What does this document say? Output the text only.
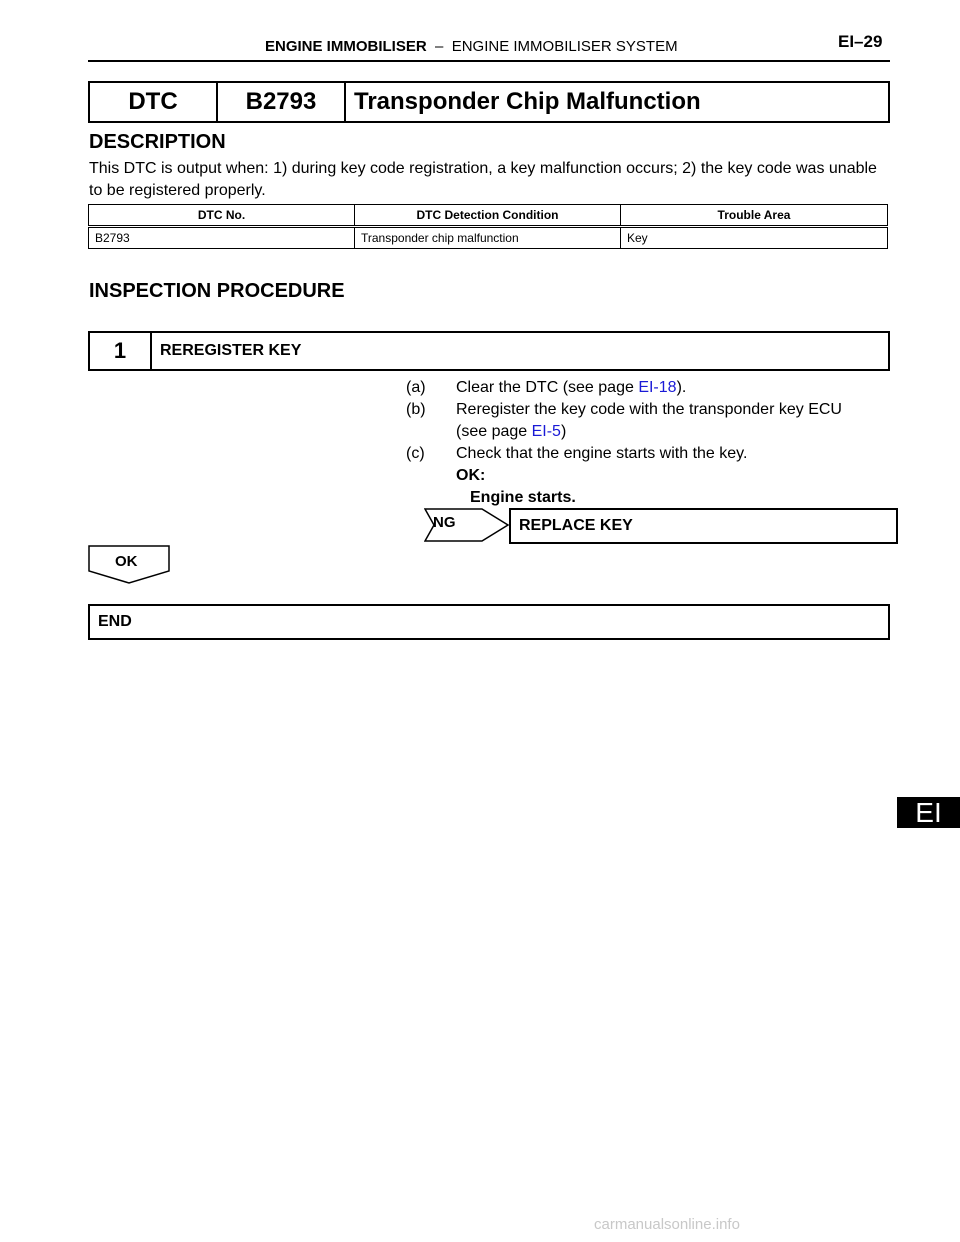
ENGINE IMMOBILISER  –  ENGINE IMMOBILISER SYSTEM	EI–29
DTC	B2793	Transponder Chip Malfunction
DESCRIPTION
This DTC is output when: 1) during key code registration, a key malfunction occurs; 2) the key code was unable to be registered properly.
DTC No.	DTC Detection Condition	Trouble Area
B2793	Transponder chip malfunction	Key
INSPECTION PROCEDURE
1	REREGISTER KEY
(a)	Clear the DTC (see page EI-18).
(b)	Reregister the key code with the transponder key ECU
(see page EI-5)
(c)	Check that the engine starts with the key.
OK:
Engine starts.
NG	REPLACE KEY
OK
END
EI
carmanualsonline.info
